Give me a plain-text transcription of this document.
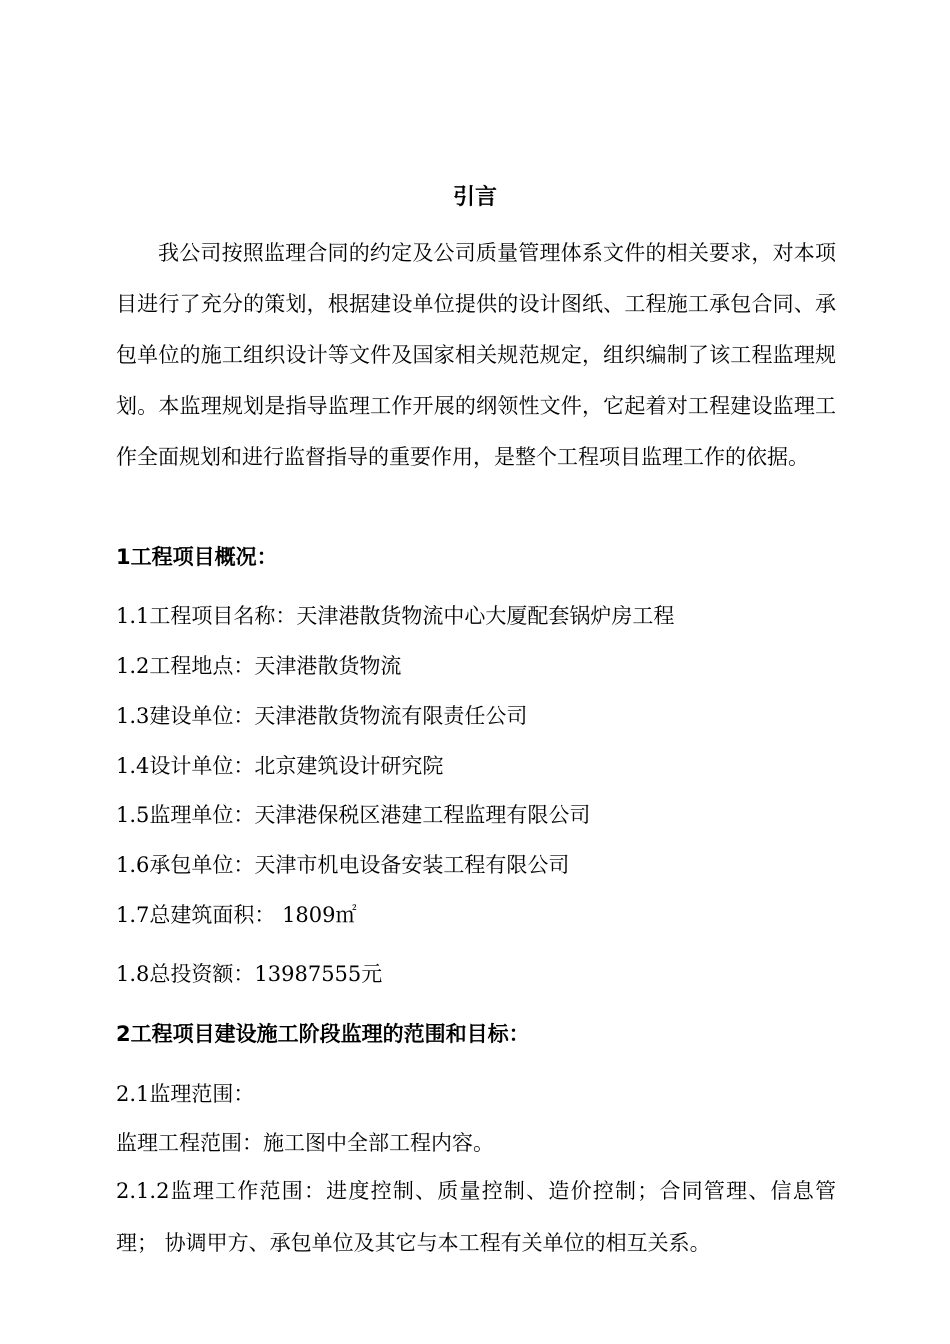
引言

我公司按照监理合同的约定及公司质量管理体系文件的相关要求，对本项目进行了充分的策划，根据建设单位提供的设计图纸、工程施工承包合同、承包单位的施工组织设计等文件及国家相关规范规定，组织编制了该工程监理规划。本监理规划是指导监理工作开展的纲领性文件，它起着对工程建设监理工作全面规划和进行监督指导的重要作用，是整个工程项目监理工作的依据。

1工程项目概况：
1.1工程项目名称：天津港散货物流中心大厦配套锅炉房工程
1.2工程地点：天津港散货物流
1.3建设单位：天津港散货物流有限责任公司
1.4设计单位：北京建筑设计研究院
1.5监理单位：天津港保税区港建工程监理有限公司
1.6承包单位：天津市机电设备安装工程有限公司
1.7总建筑面积： 1809㎡
1.8总投资额：13987555元
2工程项目建设施工阶段监理的范围和目标：
2.1监理范围：
监理工程范围：施工图中全部工程内容。

2.1.2监理工作范围：进度控制、质量控制、造价控制；合同管理、信息管理； 协调甲方、承包单位及其它与本工程有关单位的相互关系。
